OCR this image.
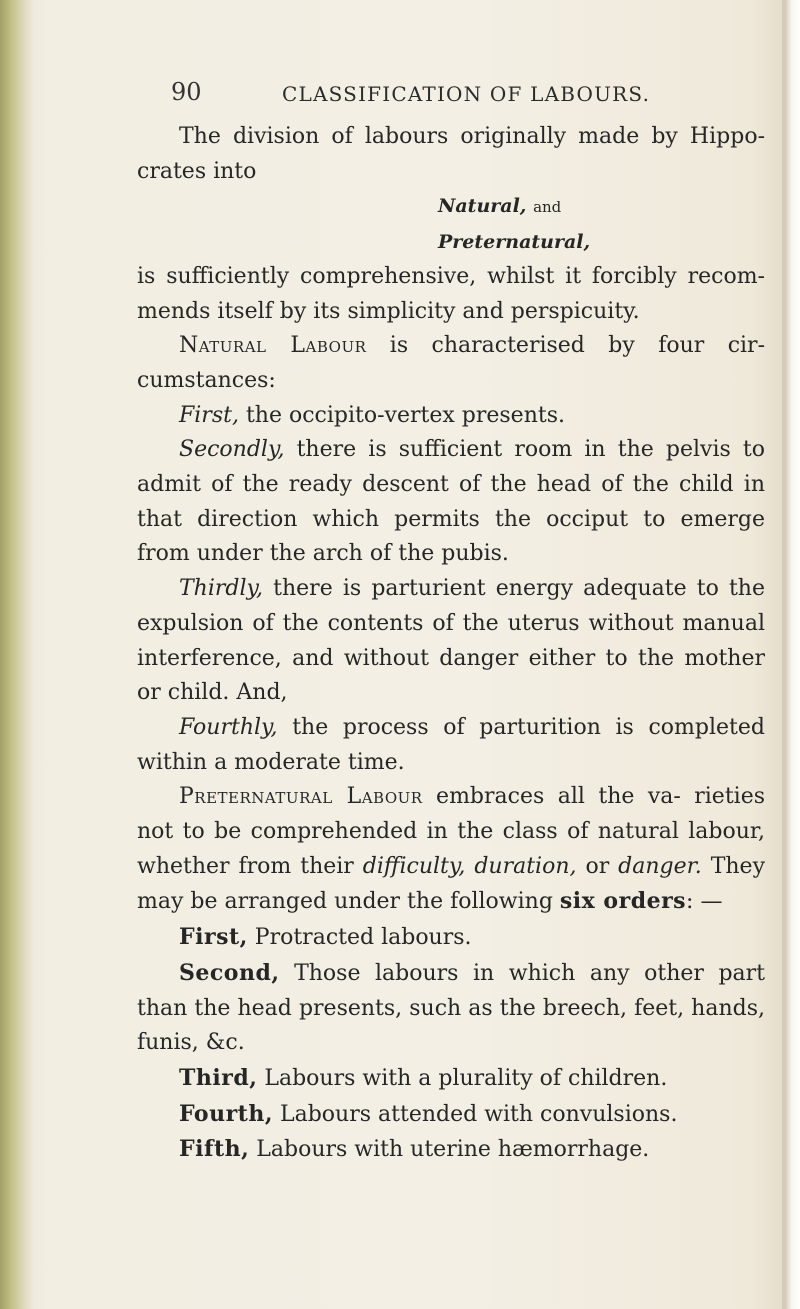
90	CLASSIFICATION OF LABOURS.

The division of labours originally made by Hippo- crates into

Natural, and

Preternatural,

is sufficiently comprehensive, whilst it forcibly recom- mends itself by its simplicity and perspicuity.

Natural Labour is characterised by four cir- cumstances:

First, the occipito-vertex presents.

Secondly, there is sufficient room in the pelvis to admit of the ready descent of the head of the child in that direction which permits the occiput to emerge from under the arch of the pubis.

Thirdly, there is parturient energy adequate to the expulsion of the contents of the uterus without manual interference, and without danger either to the mother or child. And,

Fourthly, the process of parturition is completed within a moderate time.

Preternatural Labour embraces all the va- rieties not to be comprehended in the class of natural labour, whether from their difficulty, duration, or danger. They may be arranged under the following six orders: —

First, Protracted labours.

Second, Those labours in which any other part than the head presents, such as the breech, feet, hands, funis, &c.

Third, Labours with a plurality of children.

Fourth, Labours attended with convulsions.

Fifth, Labours with uterine hæmorrhage.
